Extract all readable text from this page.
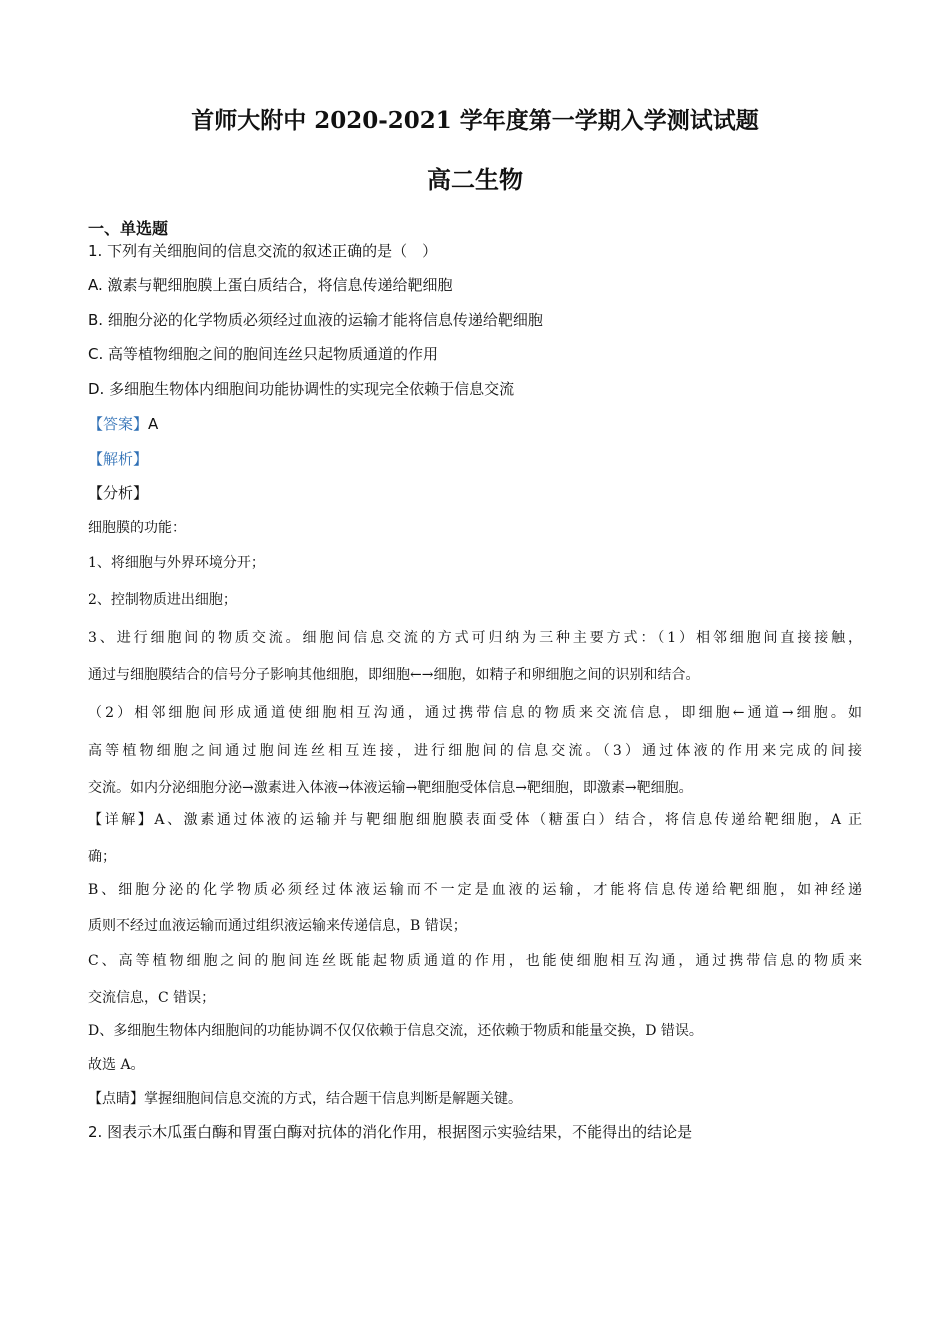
首师大附中 2020-2021 学年度第一学期入学测试试题
高二生物
一、单选题
1. 下列有关细胞间的信息交流的叙述正确的是（　）
A. 激素与靶细胞膜上蛋白质结合，将信息传递给靶细胞
B. 细胞分泌的化学物质必须经过血液的运输才能将信息传递给靶细胞
C. 高等植物细胞之间的胞间连丝只起物质通道的作用
D. 多细胞生物体内细胞间功能协调性的实现完全依赖于信息交流
【答案】A
【解析】
【分析】
细胞膜的功能：
1、将细胞与外界环境分开；
2、控制物质进出细胞；
3、进行细胞间的物质交流。细胞间信息交流的方式可归纳为三种主要方式：（1）相邻细胞间直接接触，
通过与细胞膜结合的信号分子影响其他细胞，即细胞←→细胞，如精子和卵细胞之间的识别和结合。
（2）相邻细胞间形成通道使细胞相互沟通，通过携带信息的物质来交流信息，即细胞←通道→细胞。如
高等植物细胞之间通过胞间连丝相互连接，进行细胞间的信息交流。（3）通过体液的作用来完成的间接
交流。如内分泌细胞分泌→激素进入体液→体液运输→靶细胞受体信息→靶细胞，即激素→靶细胞。
【详解】A、激素通过体液的运输并与靶细胞细胞膜表面受体（糖蛋白）结合，将信息传递给靶细胞，A 正
确；
B、细胞分泌的化学物质必须经过体液运输而不一定是血液的运输，才能将信息传递给靶细胞，如神经递
质则不经过血液运输而通过组织液运输来传递信息，B 错误；
C、高等植物细胞之间的胞间连丝既能起物质通道的作用，也能使细胞相互沟通，通过携带信息的物质来
交流信息，C 错误；
D、多细胞生物体内细胞间的功能协调不仅仅依赖于信息交流，还依赖于物质和能量交换，D 错误。
故选 A。
【点睛】掌握细胞间信息交流的方式，结合题干信息判断是解题关键。
2. 图表示木瓜蛋白酶和胃蛋白酶对抗体的消化作用，根据图示实验结果，不能得出的结论是
